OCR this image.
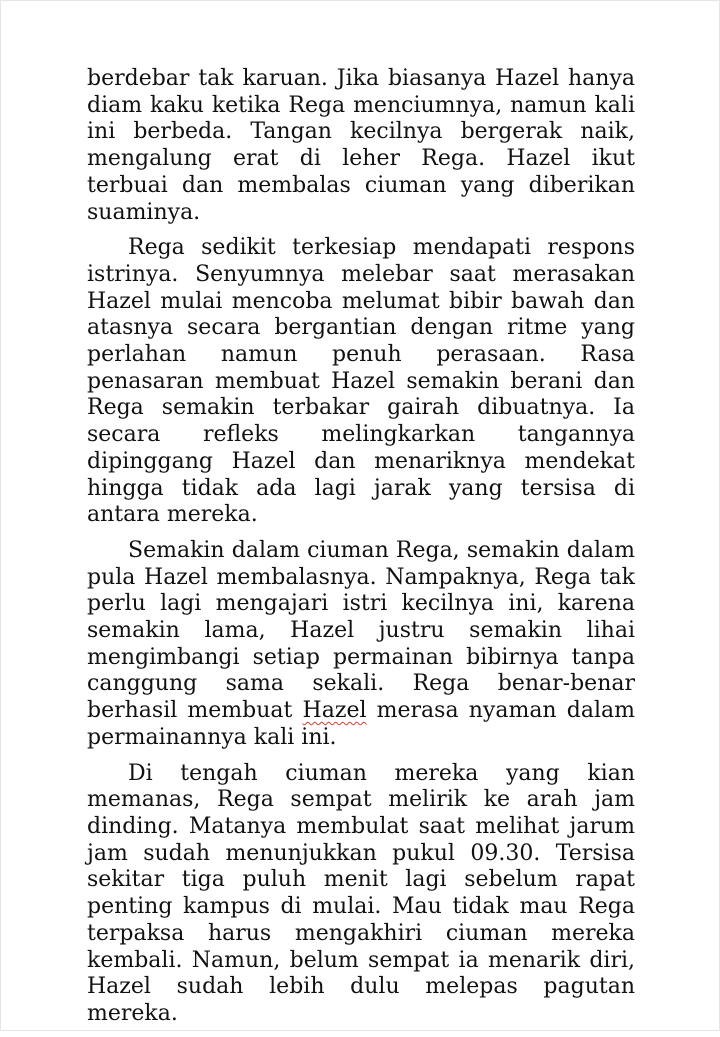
berdebar tak karuan. Jika biasanya Hazel hanya diam kaku ketika Rega menciumnya, namun kali ini berbeda. Tangan kecilnya bergerak naik, mengalung erat di leher Rega. Hazel ikut terbuai dan membalas ciuman yang diberikan suaminya.

Rega sedikit terkesiap mendapati respons istrinya. Senyumnya melebar saat merasakan Hazel mulai mencoba melumat bibir bawah dan atasnya secara bergantian dengan ritme yang perlahan namun penuh perasaan. Rasa penasaran membuat Hazel semakin berani dan Rega semakin terbakar gairah dibuatnya. Ia secara refleks melingkarkan tangannya dipinggang Hazel dan menariknya mendekat hingga tidak ada lagi jarak yang tersisa di antara mereka.

Semakin dalam ciuman Rega, semakin dalam pula Hazel membalasnya. Nampaknya, Rega tak perlu lagi mengajari istri kecilnya ini, karena semakin lama, Hazel justru semakin lihai mengimbangi setiap permainan bibirnya tanpa canggung sama sekali. Rega benar-benar berhasil membuat Hazel merasa nyaman dalam permainannya kali ini.

Di tengah ciuman mereka yang kian memanas, Rega sempat melirik ke arah jam dinding. Matanya membulat saat melihat jarum jam sudah menunjukkan pukul 09.30. Tersisa sekitar tiga puluh menit lagi sebelum rapat penting kampus di mulai. Mau tidak mau Rega terpaksa harus mengakhiri ciuman mereka kembali. Namun, belum sempat ia menarik diri, Hazel sudah lebih dulu melepas pagutan mereka.
